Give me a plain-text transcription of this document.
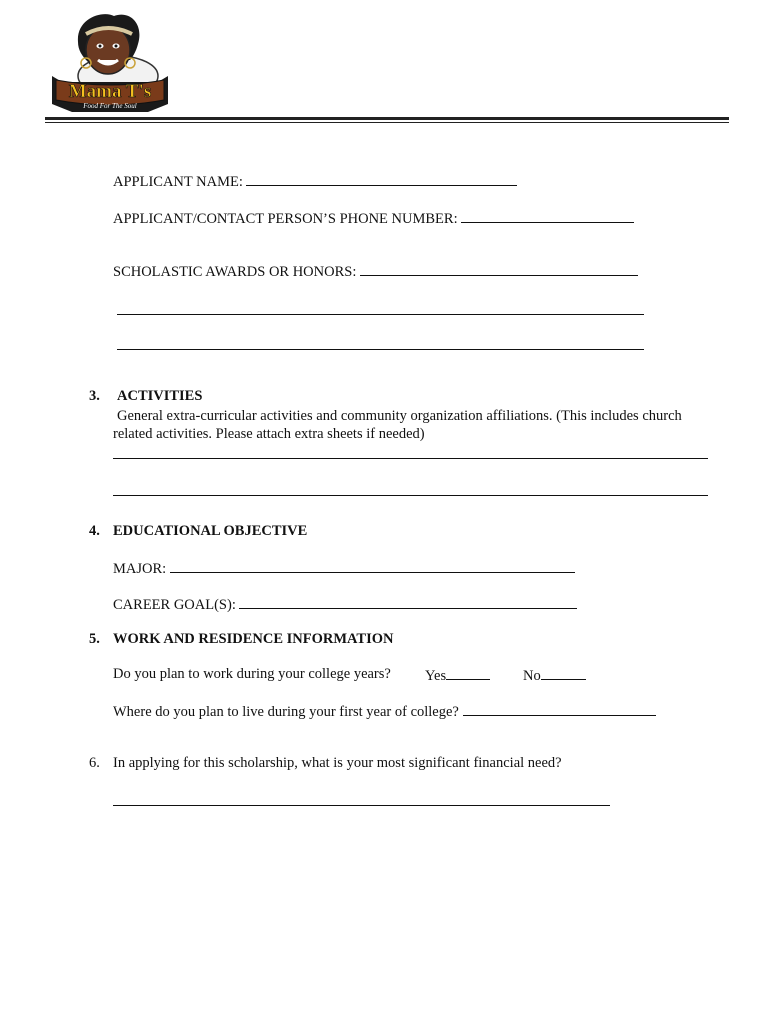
Mama T's
Food For The Soul
APPLICANT NAME:
APPLICANT/CONTACT PERSON’S PHONE NUMBER:
SCHOLASTIC AWARDS OR HONORS:
3. ACTIVITIES
General extra-curricular activities and community organization affiliations. (This includes church
related activities. Please attach extra sheets if needed)
4. EDUCATIONAL OBJECTIVE
MAJOR:
CAREER GOAL(S):
5. WORK AND RESIDENCE INFORMATION
Do you plan to work during your college years? Yes	No
Where do you plan to live during your first year of college?
6. In applying for this scholarship, what is your most significant financial need?
